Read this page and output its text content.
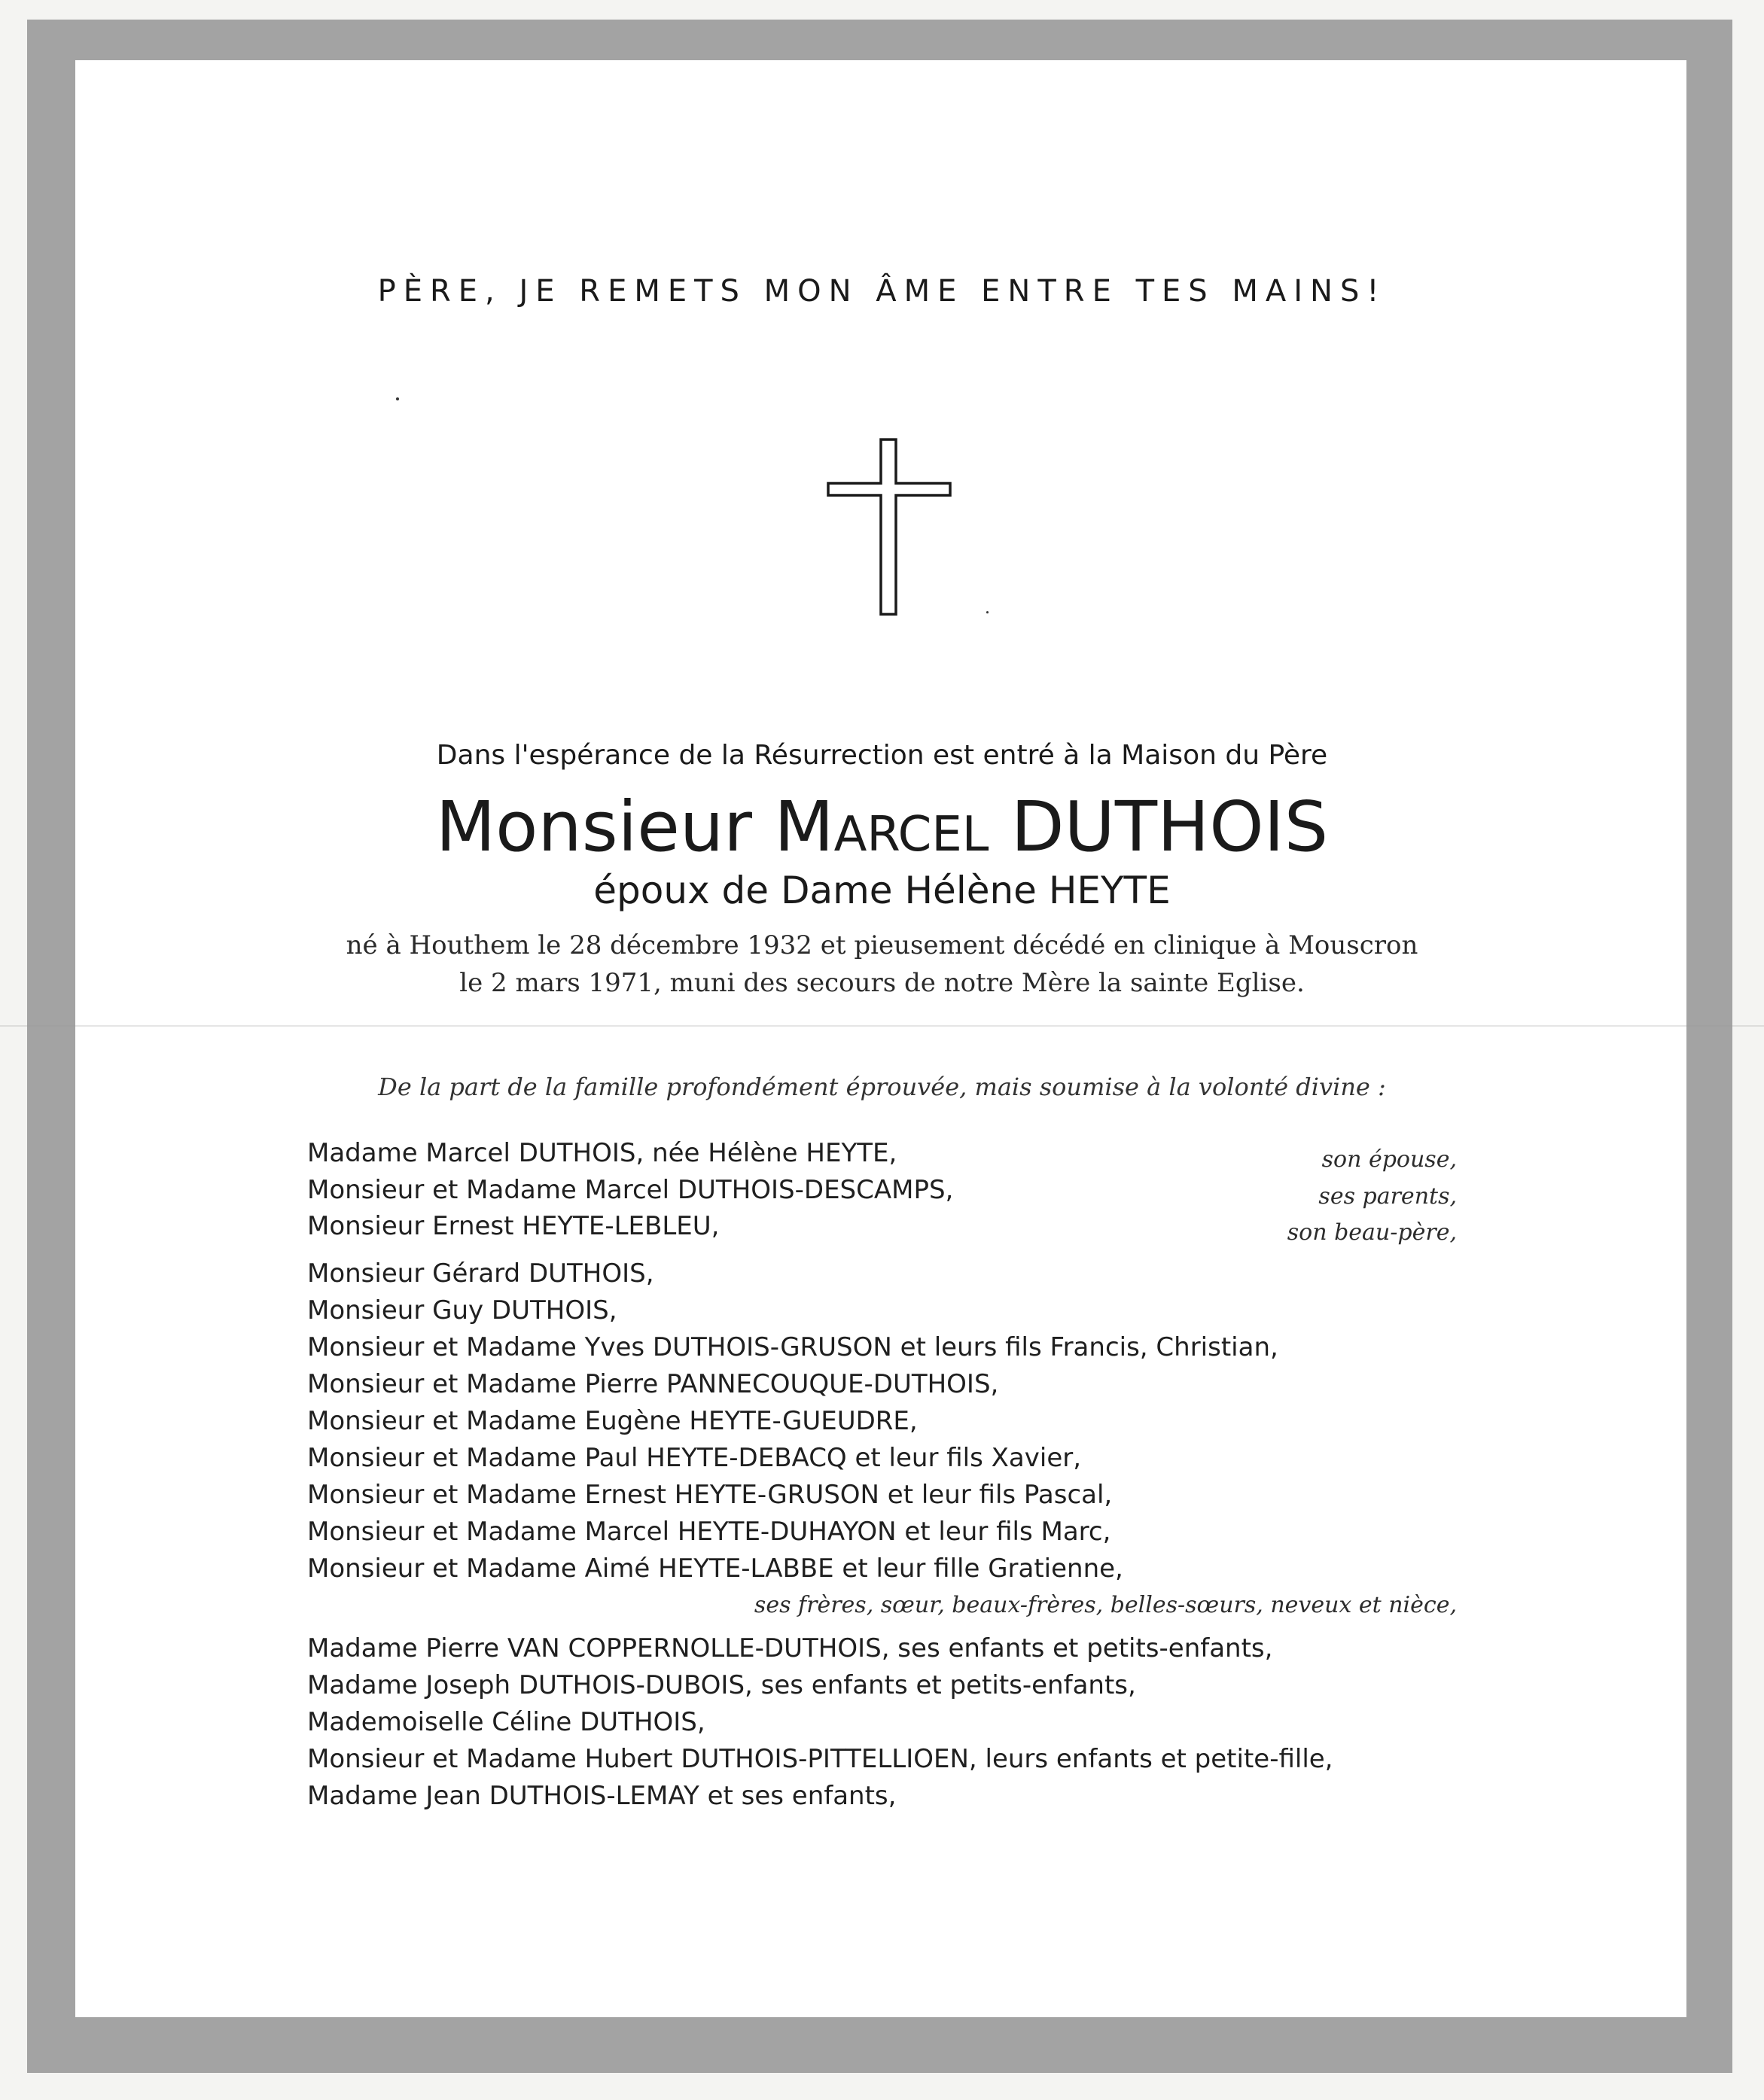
PÈRE, JE REMETS MON ÂME ENTRE TES MAINS!
Dans l'espérance de la Résurrection est entré à la Maison du Père
Monsieur Marcel DUTHOIS
époux de Dame Hélène HEYTE
né à Houthem le 28 décembre 1932 et pieusement décédé en clinique à Mouscron
le 2 mars 1971, muni des secours de notre Mère la sainte Eglise.
De la part de la famille profondément éprouvée, mais soumise à la volonté divine :
Madame Marcel DUTHOIS, née Hélène HEYTE,	son épouse,
Monsieur et Madame Marcel DUTHOIS-DESCAMPS,	ses parents,
Monsieur Ernest HEYTE-LEBLEU,	son beau-père,
Monsieur Gérard DUTHOIS,
Monsieur Guy DUTHOIS,
Monsieur et Madame Yves DUTHOIS-GRUSON et leurs fils Francis, Christian,
Monsieur et Madame Pierre PANNECOUQUE-DUTHOIS,
Monsieur et Madame Eugène HEYTE-GUEUDRE,
Monsieur et Madame Paul HEYTE-DEBACQ et leur fils Xavier,
Monsieur et Madame Ernest HEYTE-GRUSON et leur fils Pascal,
Monsieur et Madame Marcel HEYTE-DUHAYON et leur fils Marc,
Monsieur et Madame Aimé HEYTE-LABBE et leur fille Gratienne,
ses frères, sœur, beaux-frères, belles-sœurs, neveux et nièce,
Madame Pierre VAN COPPERNOLLE-DUTHOIS, ses enfants et petits-enfants,
Madame Joseph DUTHOIS-DUBOIS, ses enfants et petits-enfants,
Mademoiselle Céline DUTHOIS,
Monsieur et Madame Hubert DUTHOIS-PITTELLIOEN, leurs enfants et petite-fille,
Madame Jean DUTHOIS-LEMAY et ses enfants,
